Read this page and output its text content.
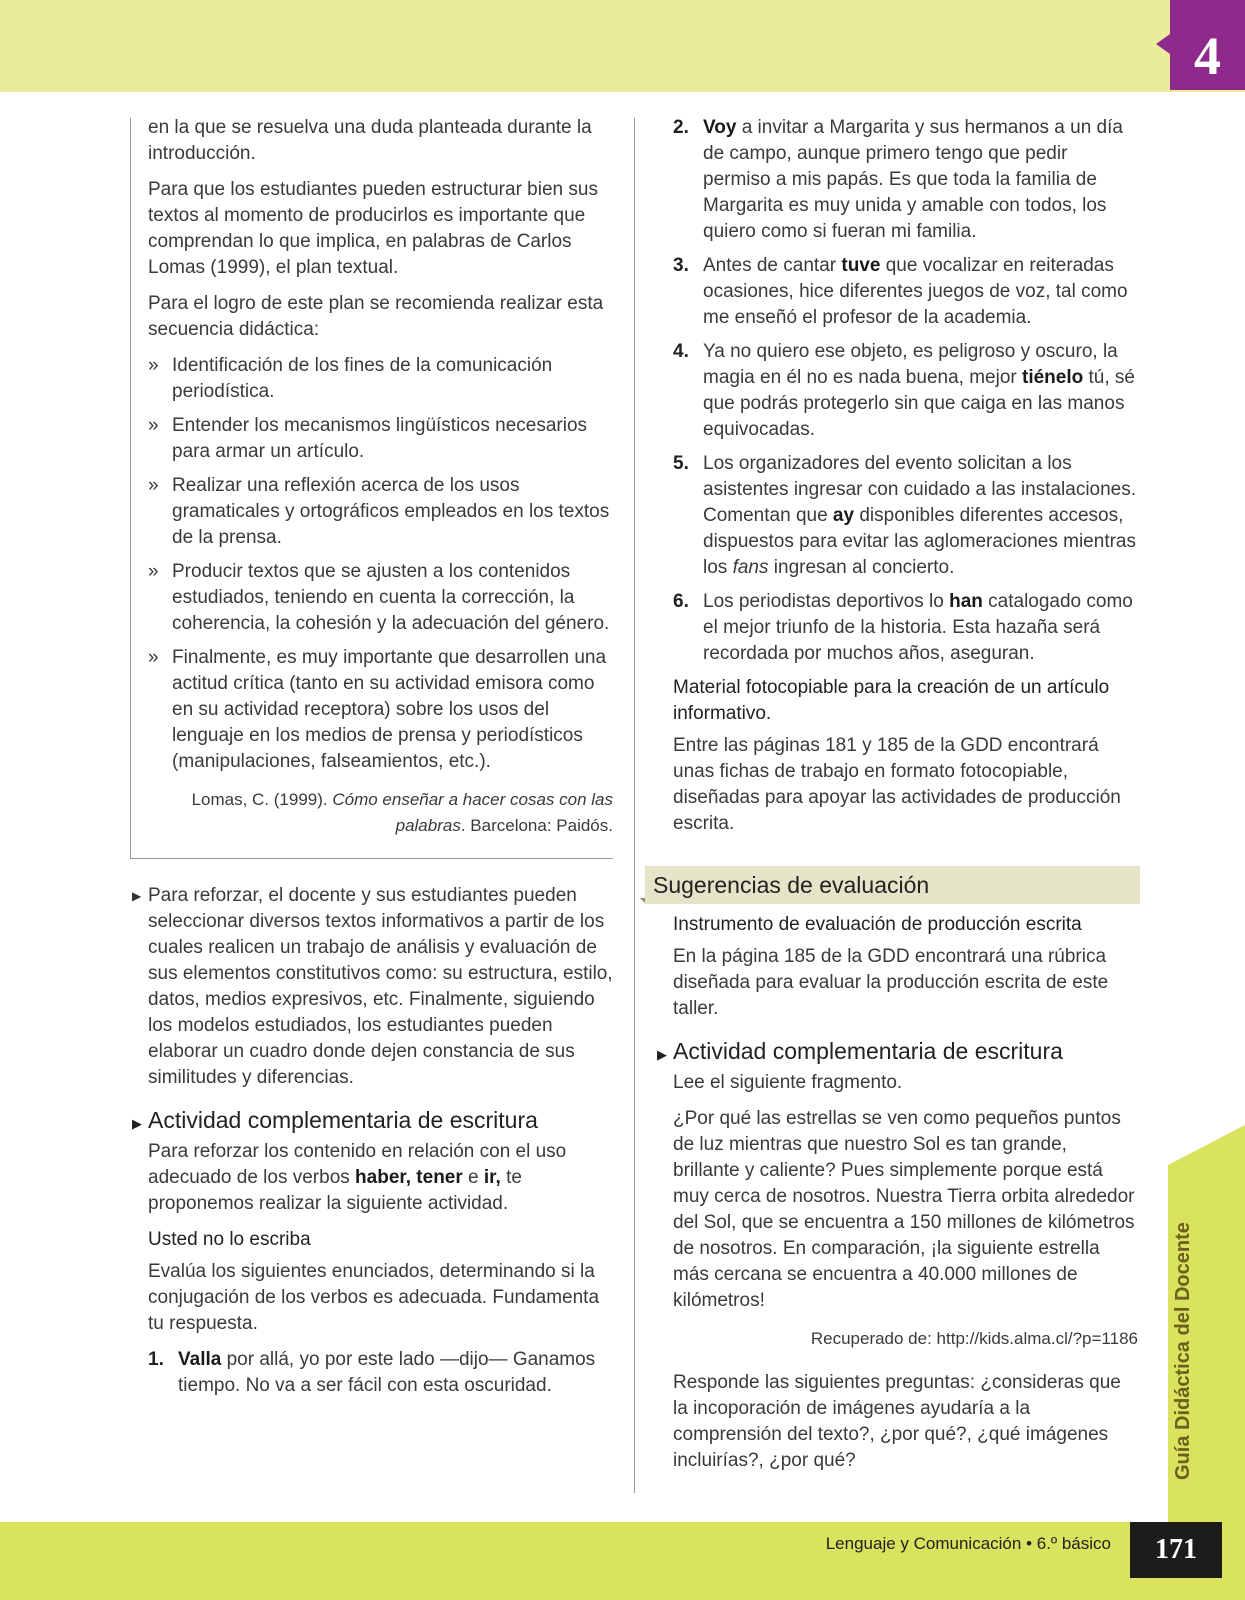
4

en la que se resuelva una duda planteada durante la introducción.

Para que los estudiantes pueden estructurar bien sus textos al momento de producirlos es importante que comprendan lo que implica, en palabras de Carlos Lomas (1999), el plan textual.

Para el logro de este plan se recomienda realizar esta secuencia didáctica:

» Identificación de los fines de la comunicación periodística.
» Entender los mecanismos lingüísticos necesarios para armar un artículo.
» Realizar una reflexión acerca de los usos gramaticales y ortográficos empleados en los textos de la prensa.
» Producir textos que se ajusten a los contenidos estudiados, teniendo en cuenta la corrección, la coherencia, la cohesión y la adecuación del género.
» Finalmente, es muy importante que desarrollen una actitud crítica (tanto en su actividad emisora como en su actividad receptora) sobre los usos del lenguaje en los medios de prensa y periodísticos (manipulaciones, falseamientos, etc.).
Lomas, C. (1999). Cómo enseñar a hacer cosas con las palabras. Barcelona: Paidós.

▶ Para reforzar, el docente y sus estudiantes pueden seleccionar diversos textos informativos a partir de los cuales realicen un trabajo de análisis y evaluación de sus elementos constitutivos como: su estructura, estilo, datos, medios expresivos, etc. Finalmente, siguiendo los modelos estudiados, los estudiantes pueden elaborar un cuadro donde dejen constancia de sus similitudes y diferencias.

▶ Actividad complementaria de escritura

Para reforzar los contenido en relación con el uso adecuado de los verbos haber, tener e ir, te proponemos realizar la siguiente actividad.

Usted no lo escriba

Evalúa los siguientes enunciados, determinando si la conjugación de los verbos es adecuada. Fundamenta tu respuesta.

1. Valla por allá, yo por este lado —dijo— Ganamos tiempo. No va a ser fácil con esta oscuridad.
2. Voy a invitar a Margarita y sus hermanos a un día de campo, aunque primero tengo que pedir permiso a mis papás. Es que toda la familia de Margarita es muy unida y amable con todos, los quiero como si fueran mi familia.
3. Antes de cantar tuve que vocalizar en reiteradas ocasiones, hice diferentes juegos de voz, tal como me enseñó el profesor de la academia.
4. Ya no quiero ese objeto, es peligroso y oscuro, la magia en él no es nada buena, mejor tiénelo tú, sé que podrás protegerlo sin que caiga en las manos equivocadas.
5. Los organizadores del evento solicitan a los asistentes ingresar con cuidado a las instalaciones. Comentan que ay disponibles diferentes accesos, dispuestos para evitar las aglomeraciones mientras los fans ingresan al concierto.
6. Los periodistas deportivos lo han catalogado como el mejor triunfo de la historia. Esta hazaña será recordada por muchos años, aseguran.
Material fotocopiable para la creación de un artículo informativo.

Entre las páginas 181 y 185 de la GDD encontrará unas fichas de trabajo en formato fotocopiable, diseñadas para apoyar las actividades de producción escrita.

Sugerencias de evaluación
Instrumento de evaluación de producción escrita

En la página 185 de la GDD encontrará una rúbrica diseñada para evaluar la producción escrita de este taller.

▶ Actividad complementaria de escritura

Lee el siguiente fragmento.

¿Por qué las estrellas se ven como pequeños puntos de luz mientras que nuestro Sol es tan grande, brillante y caliente? Pues simplemente porque está muy cerca de nosotros. Nuestra Tierra orbita alrededor del Sol, que se encuentra a 150 millones de kilómetros de nosotros. En comparación, ¡la siguiente estrella más cercana se encuentra a 40.000 millones de kilómetros!

Recuperado de: http://kids.alma.cl/?p=1186

Responde las siguientes preguntas: ¿consideras que la incoporación de imágenes ayudaría a la comprensión del texto?, ¿por qué?, ¿qué imágenes incluirías?, ¿por qué?	Guía Didáctica del Docente
Lenguaje y Comunicación • 6.º básico	171
